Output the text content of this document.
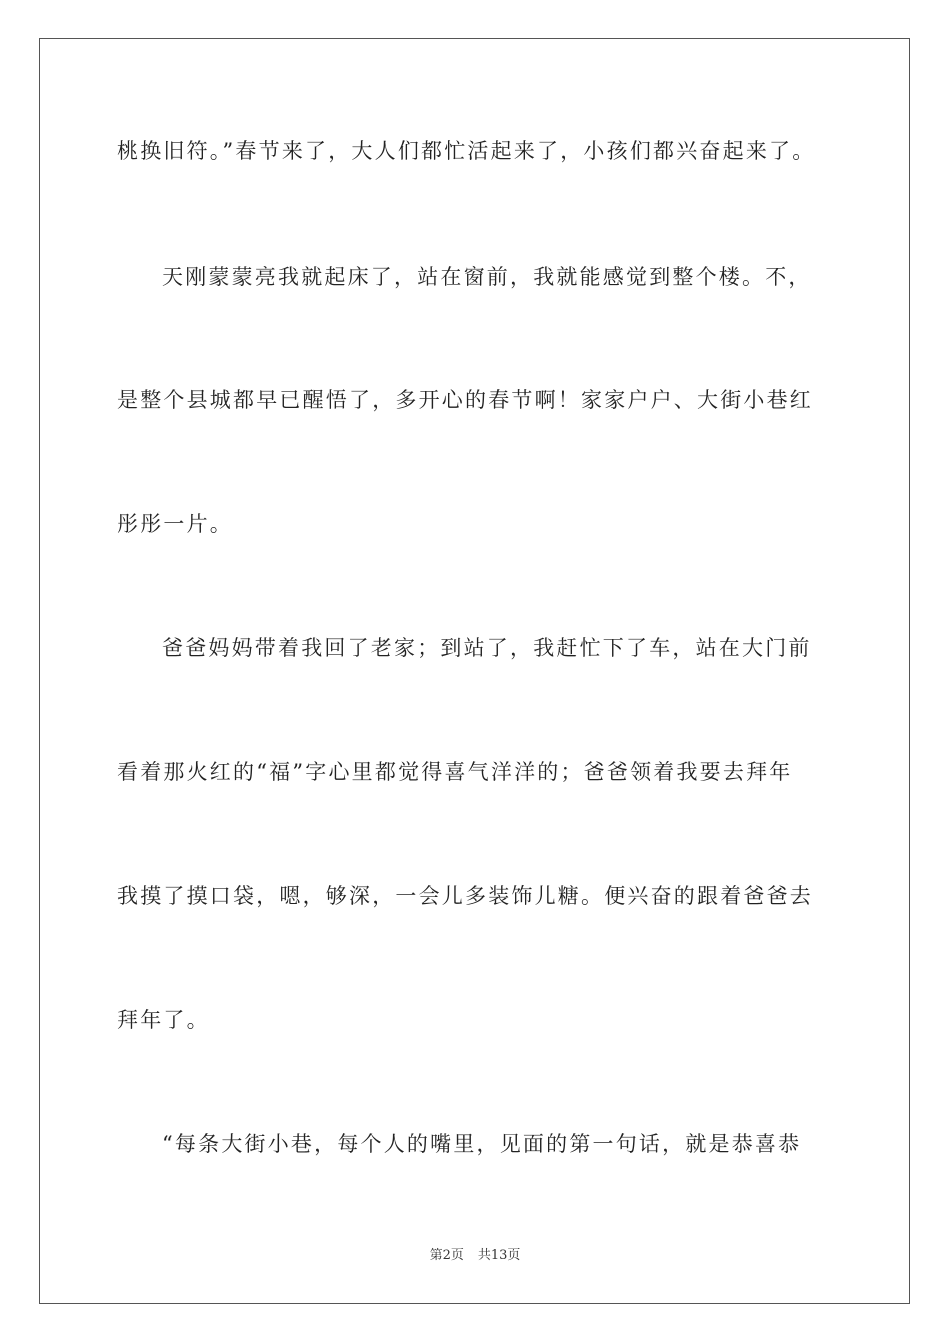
桃换旧符。”春节来了，大人们都忙活起来了，小孩们都兴奋起来了。
天刚蒙蒙亮我就起床了，站在窗前，我就能感觉到整个楼。不，
是整个县城都早已醒悟了，多开心的春节啊！家家户户、大街小巷红
彤彤一片。
爸爸妈妈带着我回了老家；到站了，我赶忙下了车，站在大门前
看着那火红的“福”字心里都觉得喜气洋洋的；爸爸领着我要去拜年
我摸了摸口袋，嗯，够深，一会儿多装饰儿糖。便兴奋的跟着爸爸去
拜年了。
“每条大街小巷，每个人的嘴里，见面的第一句话，就是恭喜恭
第2页 共13页
